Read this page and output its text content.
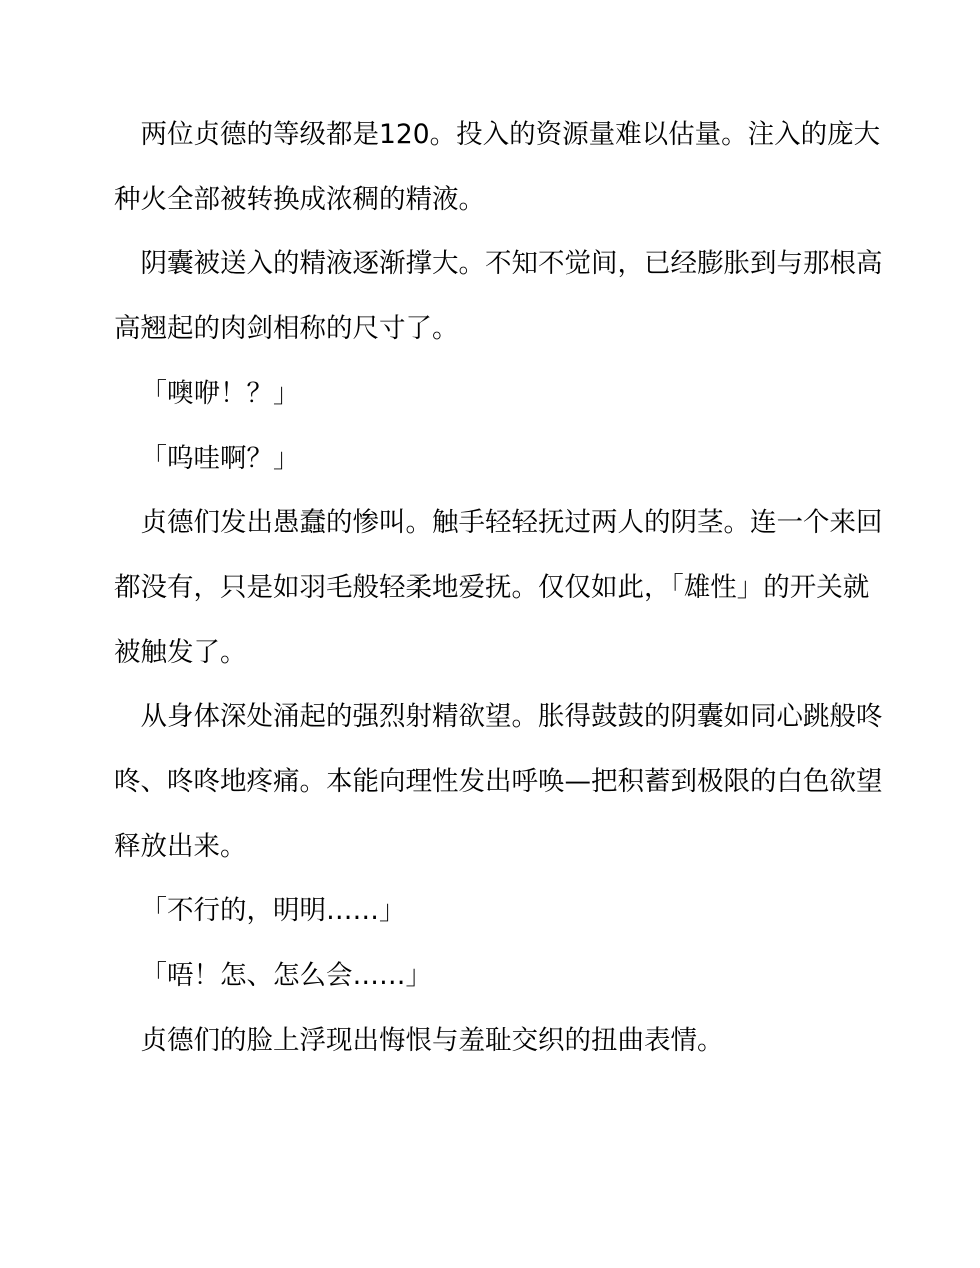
两位贞德的等级都是120。投入的资源量难以估量。注入的庞大

种火全部被转换成浓稠的精液。

阴囊被送入的精液逐渐撑大。不知不觉间，已经膨胀到与那根高

高翘起的肉剑相称的尺寸了。

「噢咿！？」

「呜哇啊？」

贞德们发出愚蠢的惨叫。触手轻轻抚过两人的阴茎。连一个来回

都没有，只是如羽毛般轻柔地爱抚。仅仅如此，「雄性」的开关就

被触发了。

从身体深处涌起的强烈射精欲望。胀得鼓鼓的阴囊如同心跳般咚

咚、咚咚地疼痛。本能向理性发出呼唤—把积蓄到极限的白色欲望

释放出来。

「不行的，明明……」

「唔！怎、怎么会……」

贞德们的脸上浮现出悔恨与羞耻交织的扭曲表情。
